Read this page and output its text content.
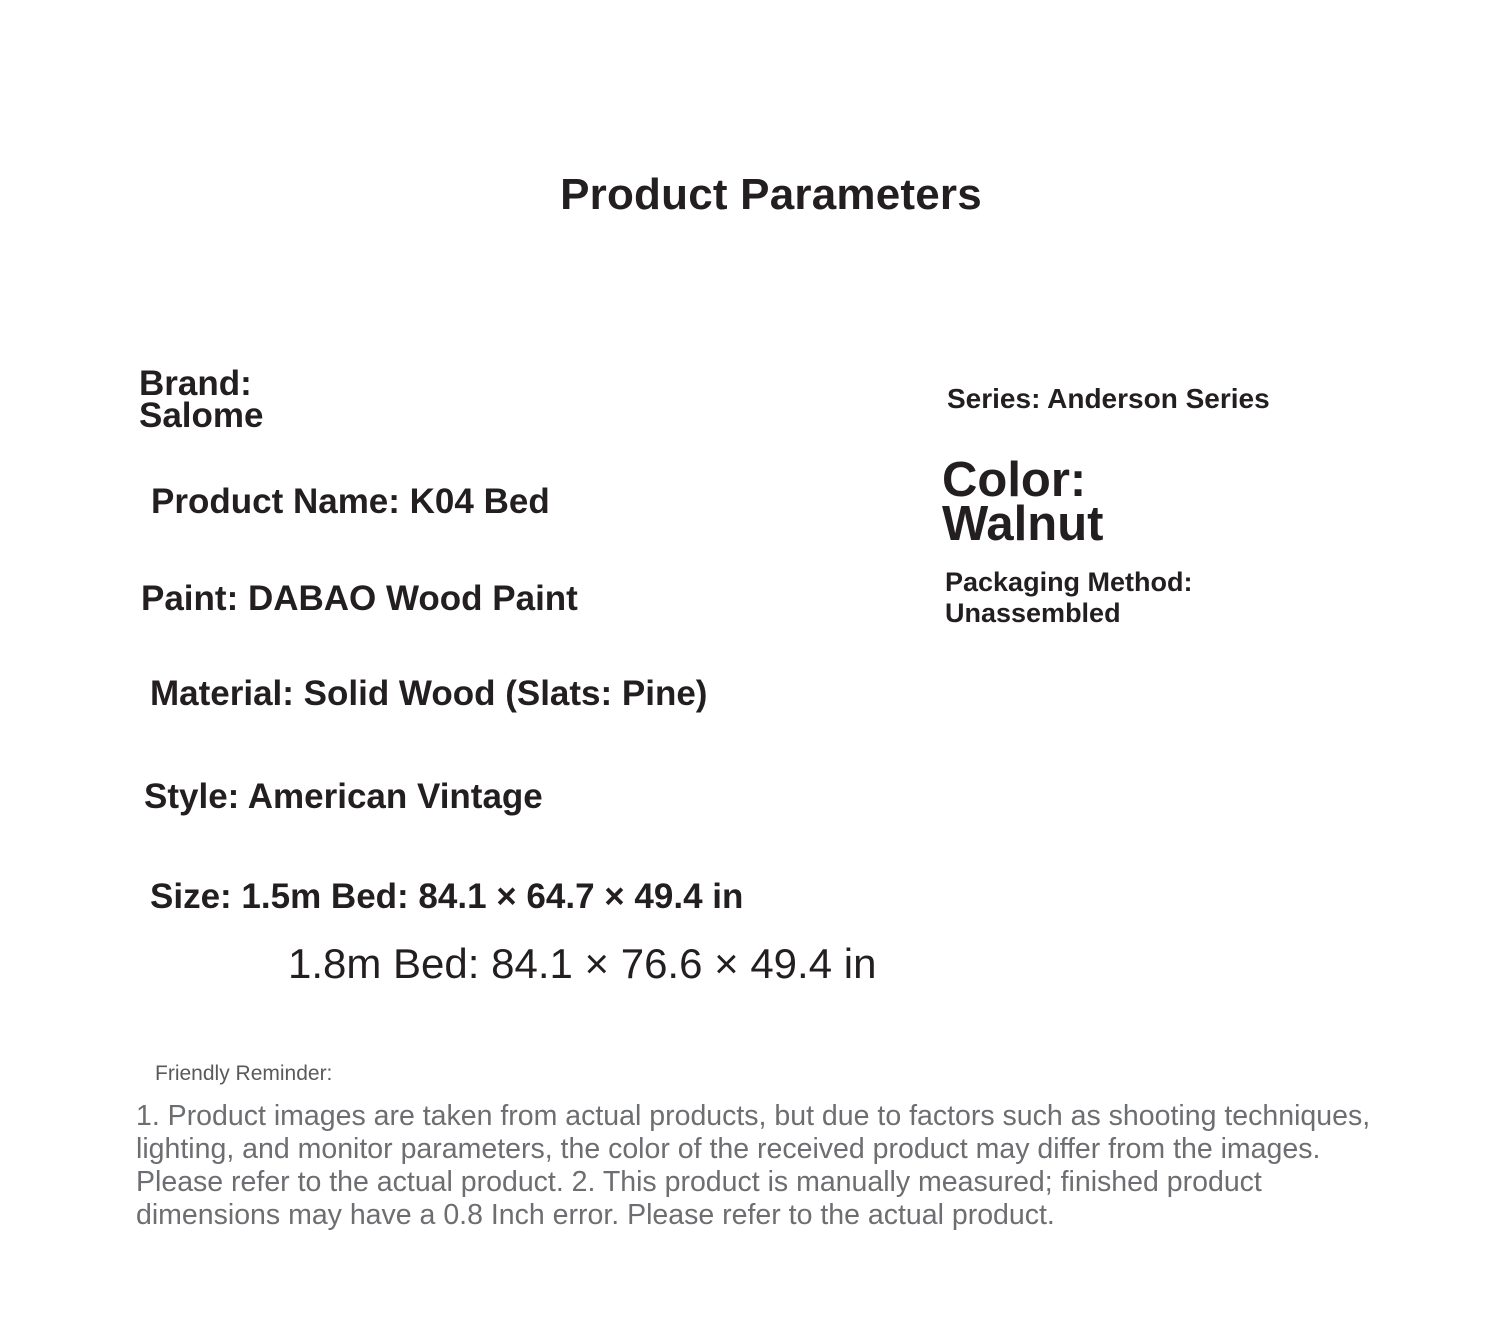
Product Parameters
Brand:
Salome	Series: Anderson Series
Product Name: K04 Bed	Color:
Walnut
Paint: DABAO Wood Paint	Packaging Method:
Unassembled
Material: Solid Wood (Slats: Pine)
Style: American Vintage
Size: 1.5m Bed: 84.1 × 64.7 × 49.4 in
1.8m Bed: 84.1 × 76.6 × 49.4 in
Friendly Reminder:
1. Product images are taken from actual products, but due to factors such as shooting techniques, lighting, and monitor parameters, the color of the received product may differ from the images. Please refer to the actual product. 2. This product is manually measured; finished product dimensions may have a 0.8 Inch error. Please refer to the actual product.
